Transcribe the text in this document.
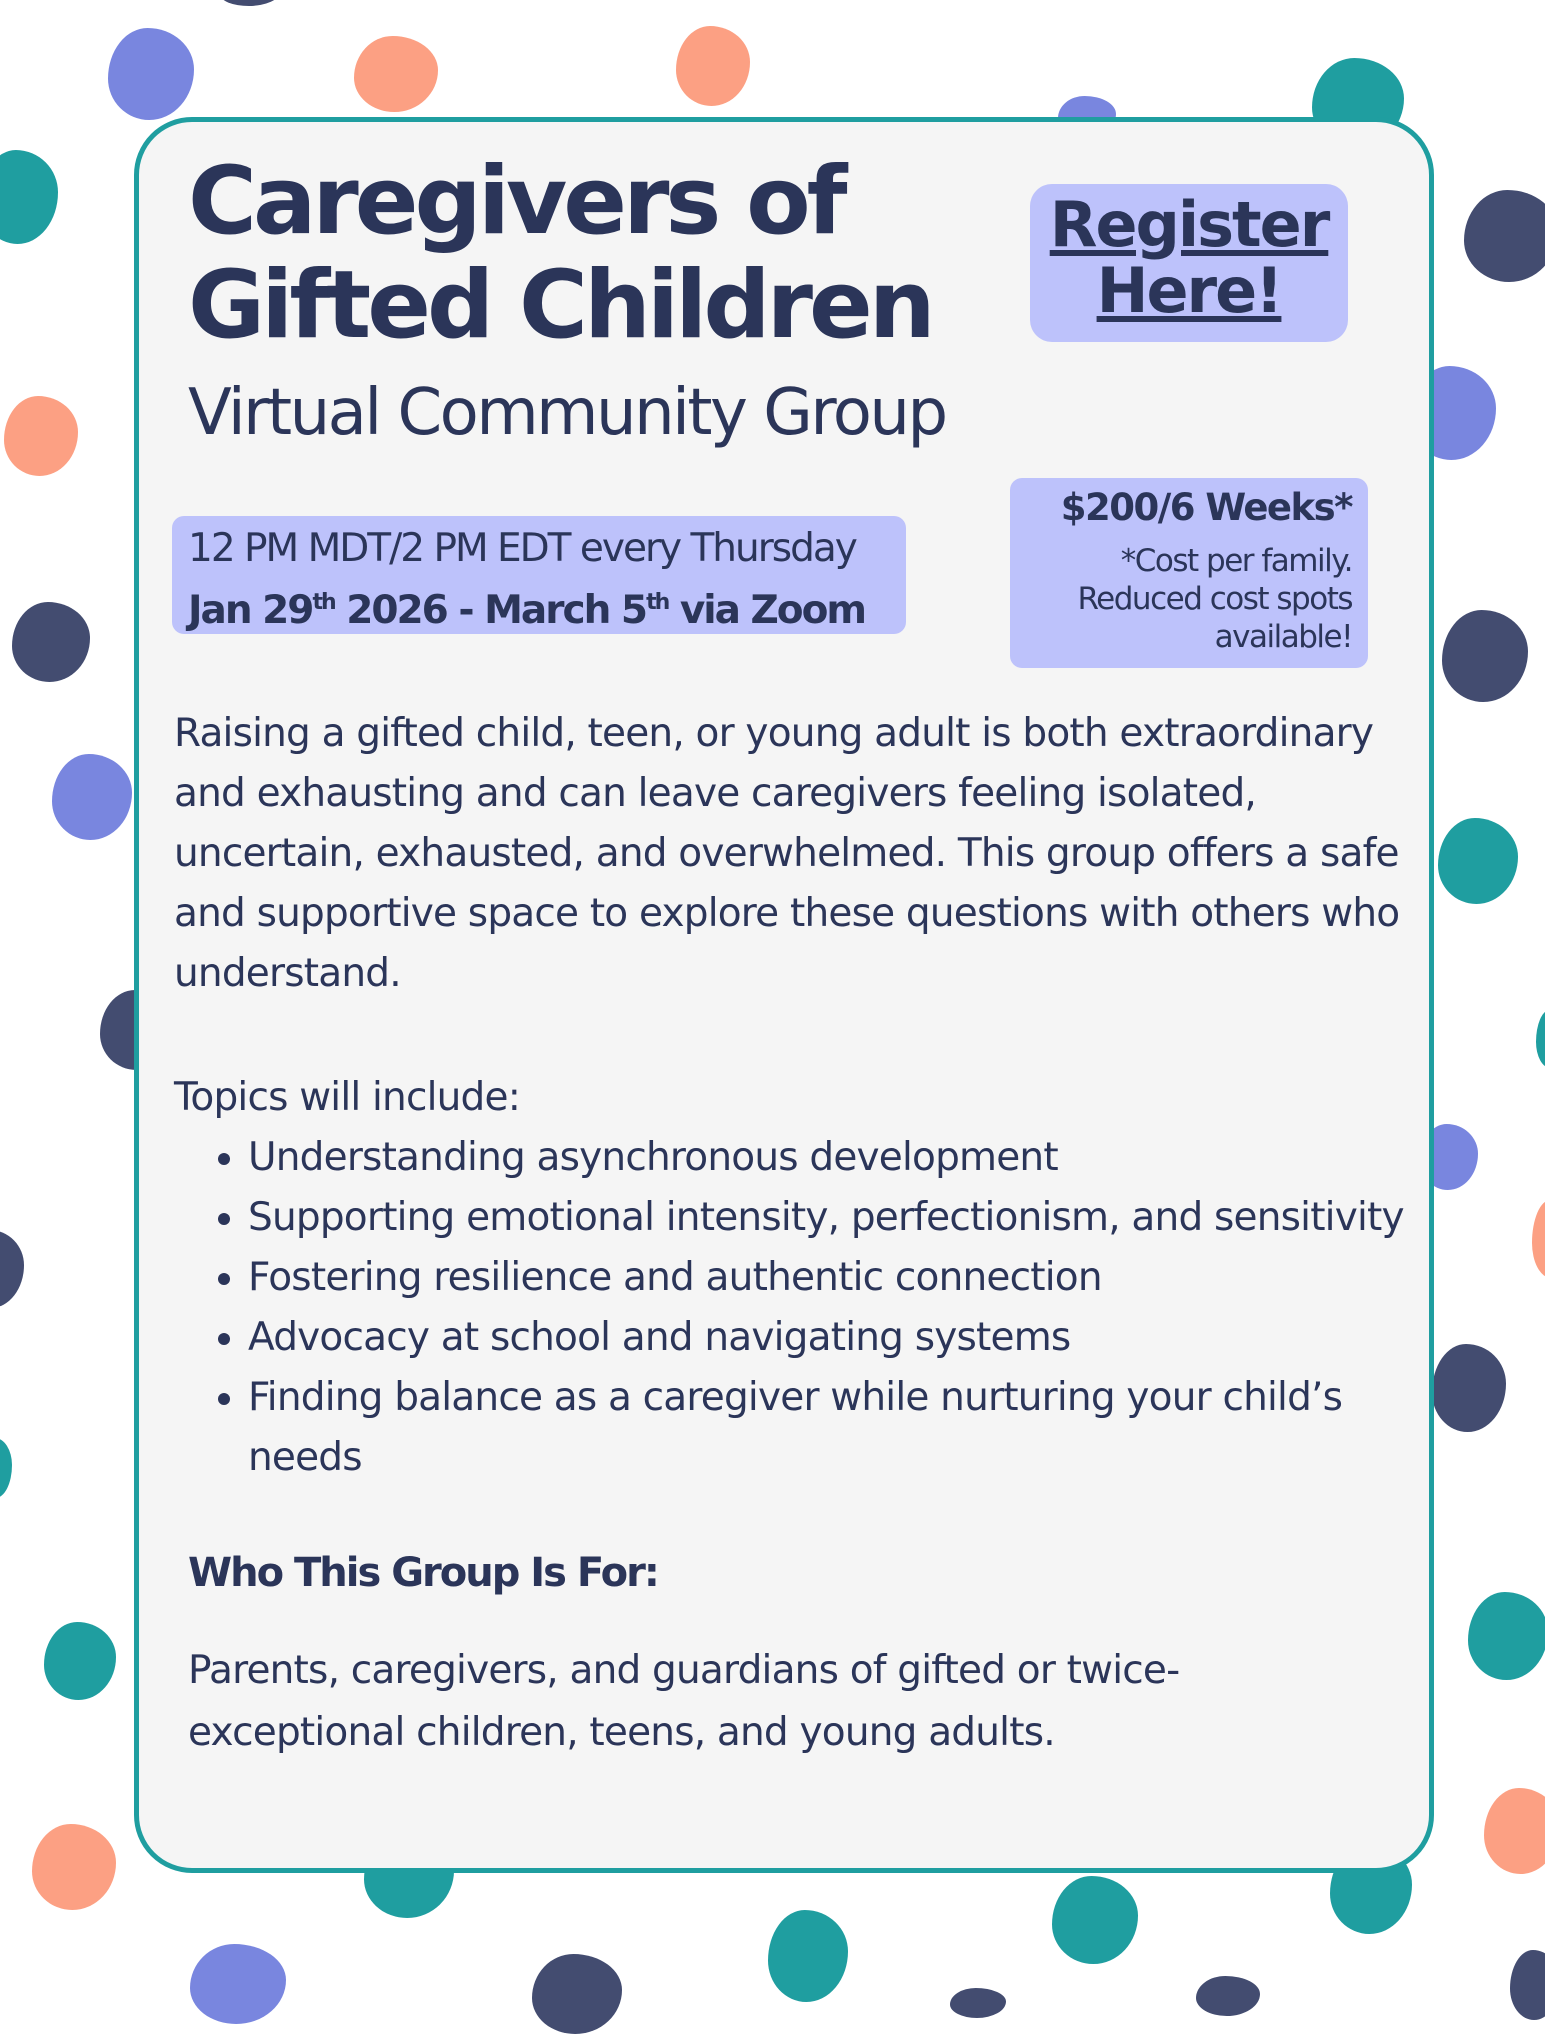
Caregivers of
Gifted Children
Virtual Community Group
Register
Here!
12 PM MDT/2 PM EDT every Thursday
Jan 29th 2026 - March 5th via Zoom
$200/6 Weeks*
*Cost per family.
Reduced cost spots
available!

Raising a gifted child, teen, or young adult is both extraordinary and exhausting and can leave caregivers feeling isolated, uncertain, exhausted, and overwhelmed. This group offers a safe and supportive space to explore these questions with others who understand.

Topics will include:

• Understanding asynchronous development
• Supporting emotional intensity, perfectionism, and sensitivity
• Fostering resilience and authentic connection
• Advocacy at school and navigating systems
• Finding balance as a caregiver while nurturing your child’s needs
Who This Group Is For:

Parents, caregivers, and guardians of gifted or twice-exceptional children, teens, and young adults.
